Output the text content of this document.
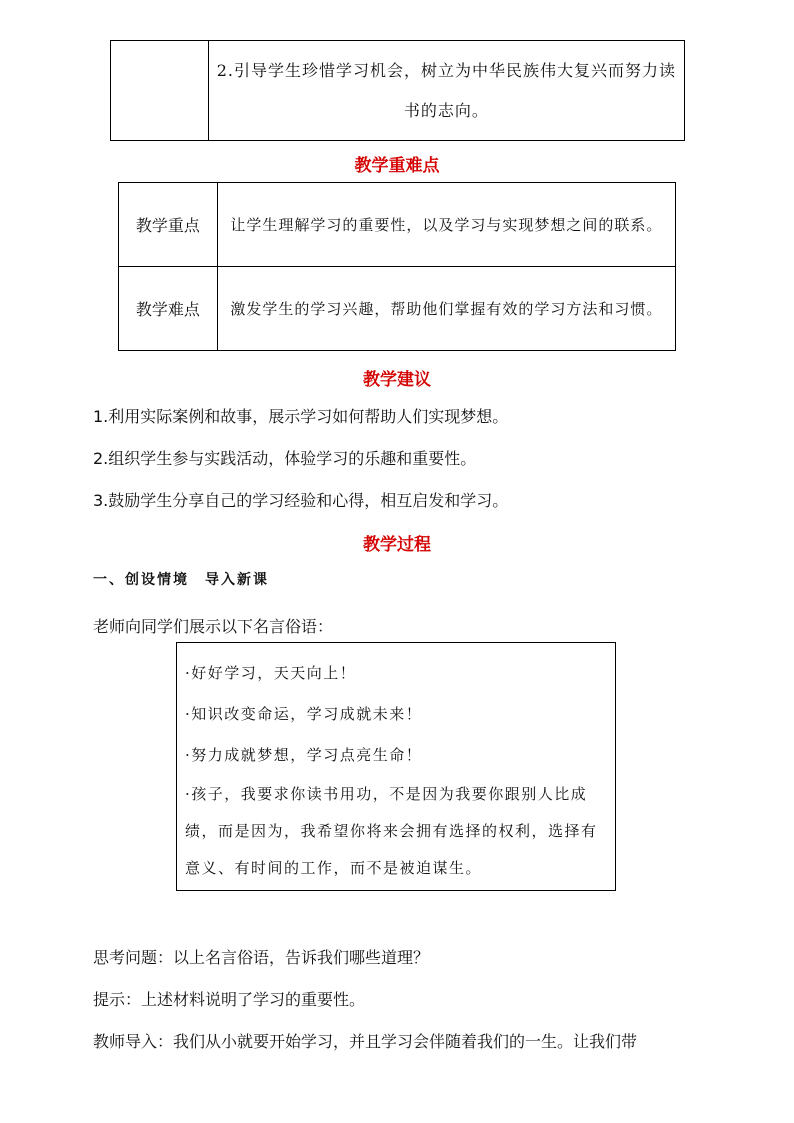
	2.引导学生珍惜学习机会，树立为中华民族伟大复兴而努力读书的志向。
教学重难点
教学重点	让学生理解学习的重要性，以及学习与实现梦想之间的联系。
教学难点	激发学生的学习兴趣，帮助他们掌握有效的学习方法和习惯。
教学建议
1.利用实际案例和故事，展示学习如何帮助人们实现梦想。
2.组织学生参与实践活动，体验学习的乐趣和重要性。
3.鼓励学生分享自己的学习经验和心得，相互启发和学习。
教学过程
一、创设情境　导入新课
老师向同学们展示以下名言俗语：
·好好学习，天天向上！
·知识改变命运，学习成就未来！
·努力成就梦想，学习点亮生命！
·孩子，我要求你读书用功，不是因为我要你跟别人比成绩，而是因为，我希望你将来会拥有选择的权利，选择有意义、有时间的工作，而不是被迫谋生。
思考问题：以上名言俗语，告诉我们哪些道理？
提示：上述材料说明了学习的重要性。
教师导入：我们从小就要开始学习，并且学习会伴随着我们的一生。让我们带
